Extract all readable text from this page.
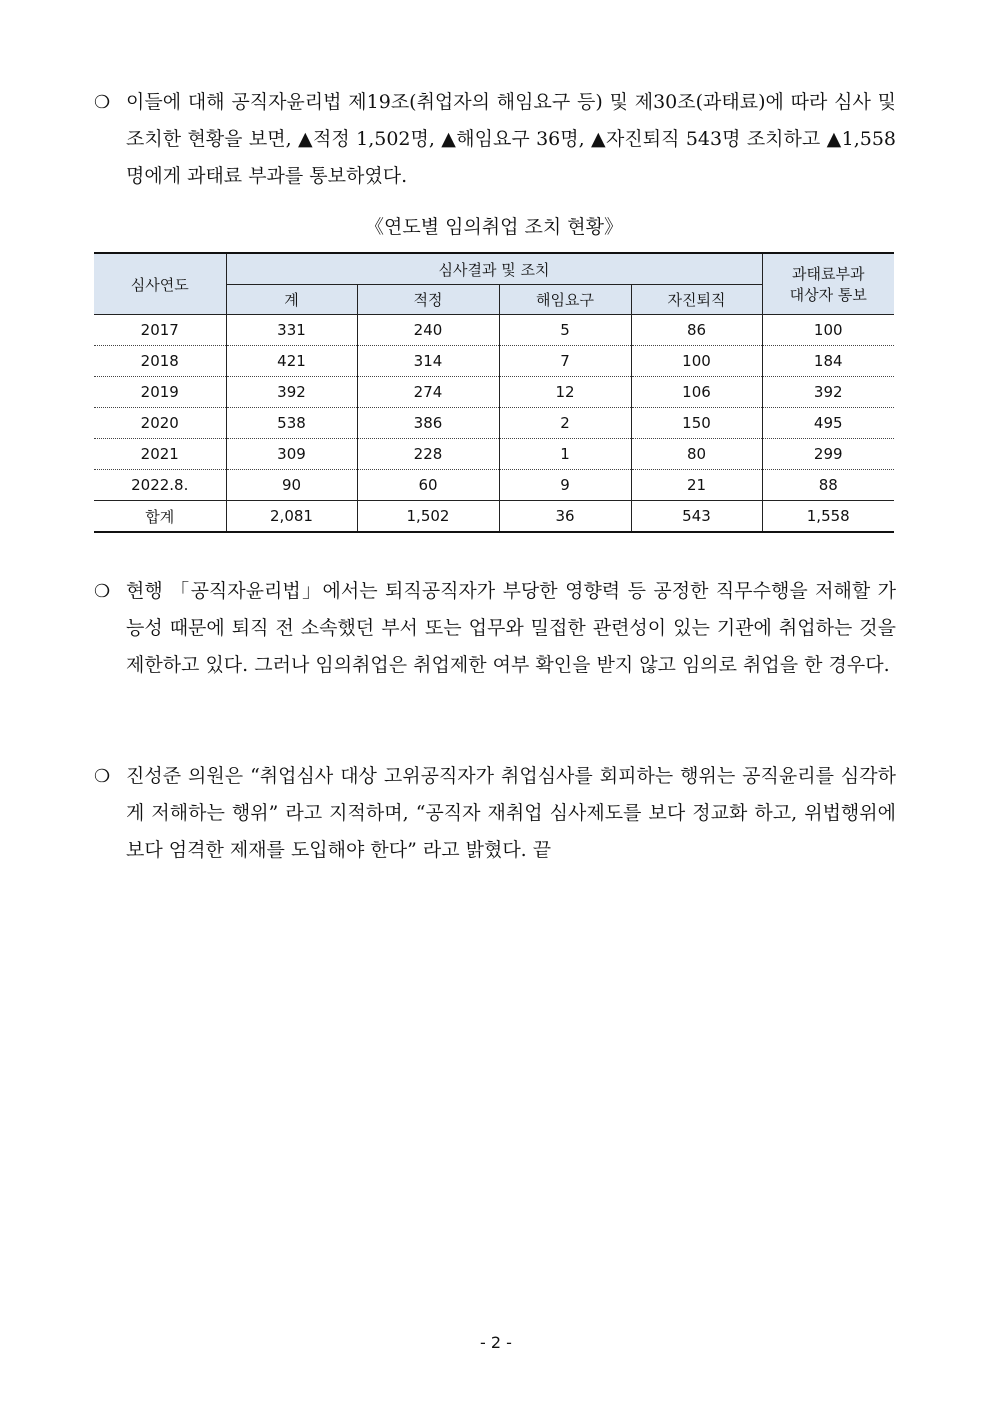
❍ 이들에 대해 공직자윤리법 제19조(취업자의 해임요구 등) 및 제30조(과태료)에 따라 심사 및 조치한 현황을 보면, ▲적정 1,502명, ▲해임요구 36명, ▲자진퇴직 543명 조치하고 ▲1,558명에게 과태료 부과를 통보하였다.
《연도별 임의취업 조치 현황》
심사연도	심사결과 및 조치				과태료부과
대상자 통보
	계	적정	해임요구	자진퇴직	
2017	331	240	5	86	100
2018	421	314	7	100	184
2019	392	274	12	106	392
2020	538	386	2	150	495
2021	309	228	1	80	299
2022.8.	90	60	9	21	88
합계	2,081	1,502	36	543	1,558
❍ 현행 「공직자윤리법」에서는 퇴직공직자가 부당한 영향력 등 공정한 직무수행을 저해할 가능성 때문에 퇴직 전 소속했던 부서 또는 업무와 밀접한 관련성이 있는 기관에 취업하는 것을 제한하고 있다. 그러나 임의취업은 취업제한 여부 확인을 받지 않고 임의로 취업을 한 경우다.
❍ 진성준 의원은 “취업심사 대상 고위공직자가 취업심사를 회피하는 행위는 공직윤리를 심각하게 저해하는 행위” 라고 지적하며, “공직자 재취업 심사제도를 보다 정교화 하고, 위법행위에 보다 엄격한 제재를 도입해야 한다” 라고 밝혔다. 끝
- 2 -
